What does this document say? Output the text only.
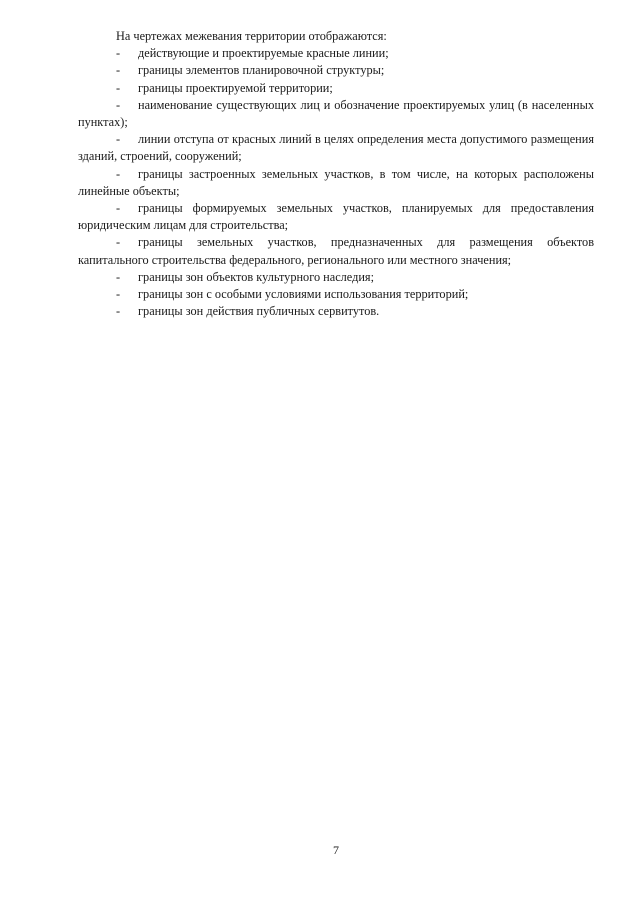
На чертежах межевания территории отображаются:

- действующие и проектируемые красные линии;

- границы элементов планировочной структуры;

- границы проектируемой территории;

- наименование существующих лиц и обозначение проектируемых улиц (в населенных пунктах);

- линии отступа от красных линий в целях определения места допустимого размещения зданий, строений, сооружений;

- границы застроенных земельных участков, в том числе, на которых расположены линейные объекты;

- границы формируемых земельных участков, планируемых для предоставления юридическим лицам для строительства;

- границы земельных участков, предназначенных для размещения объектов капитального строительства федерального, регионального или местного значения;

- границы зон объектов культурного наследия;

- границы зон с особыми условиями использования территорий;

- границы зон действия публичных сервитутов.

7
